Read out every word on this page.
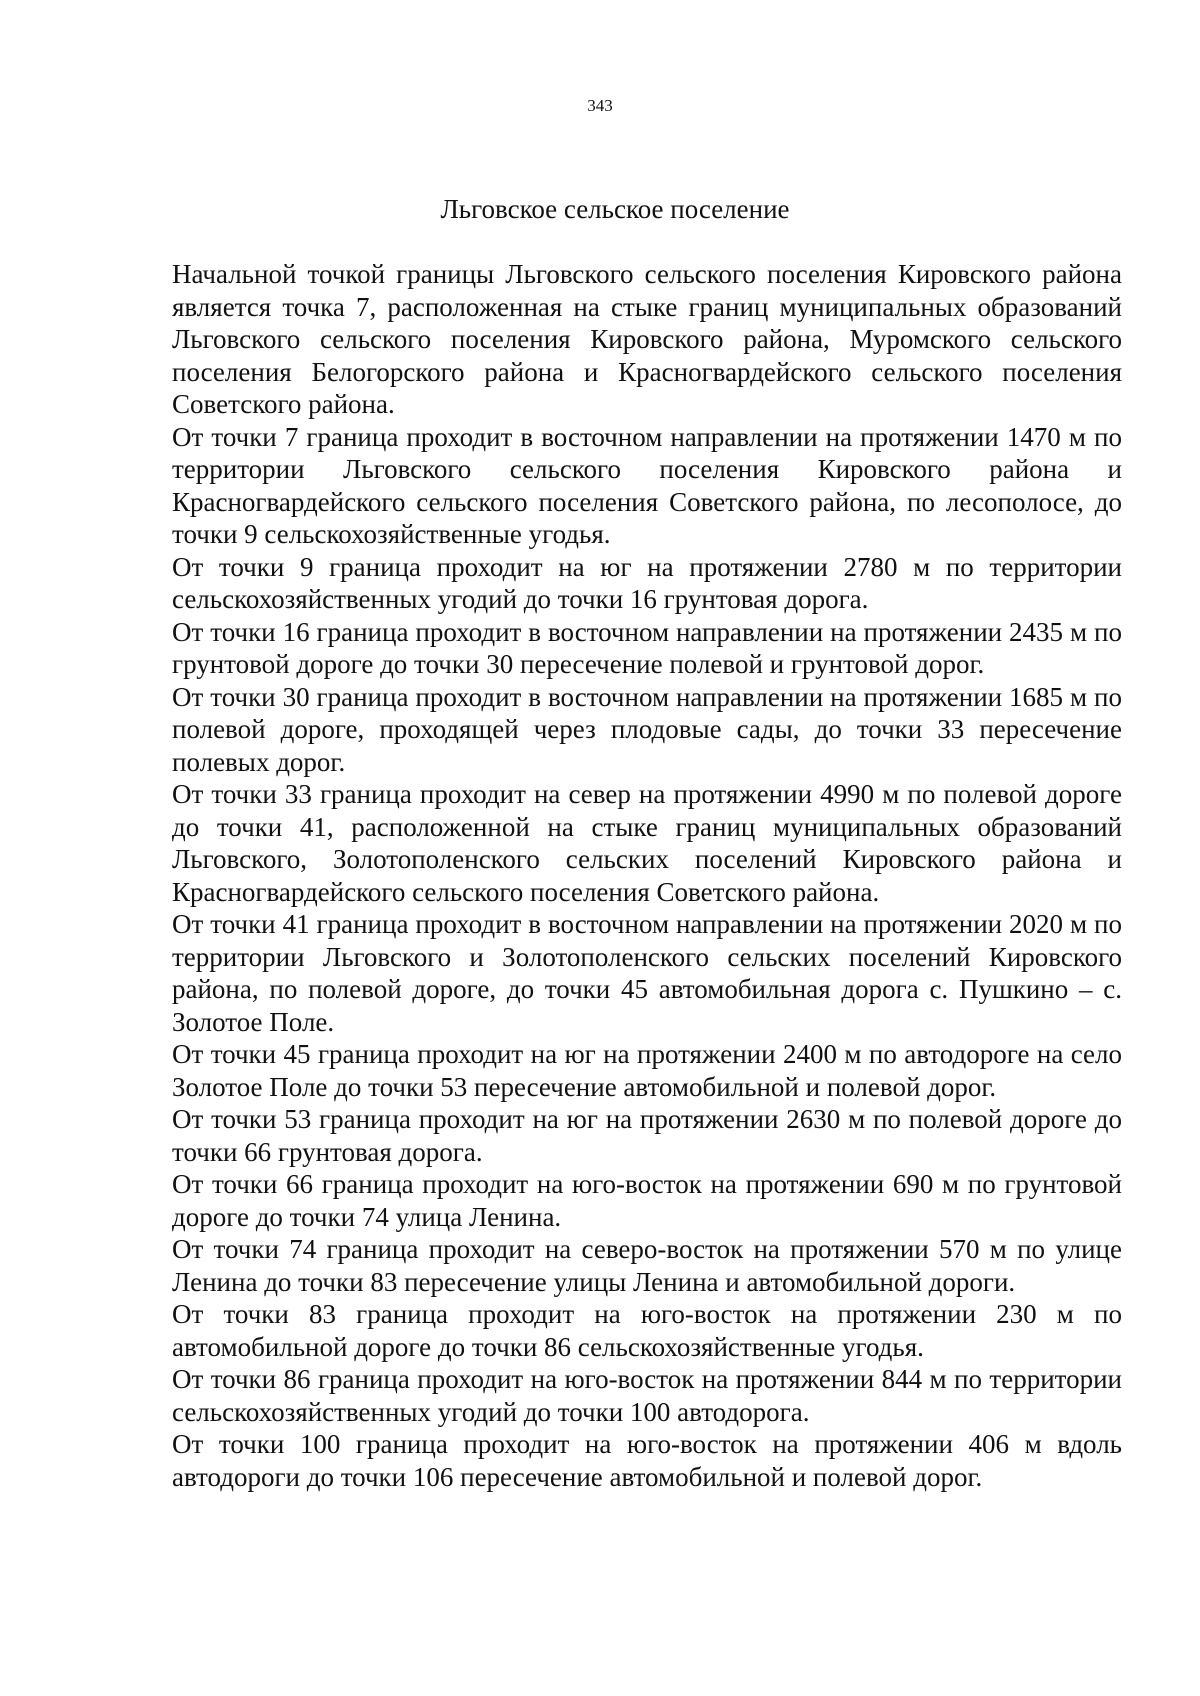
343
Льговское сельское поселение

Начальной точкой границы Льговского сельского поселения Кировского района является точка 7, расположенная на стыке границ муниципальных образований Льговского сельского поселения Кировского района, Муромского сельского поселения Белогорского района и Красногвардейского сельского поселения Советского района.

От точки 7 граница проходит в восточном направлении на протяжении 1470 м по территории Льговского сельского поселения Кировского района и Красногвардейского сельского поселения Советского района, по лесополосе, до точки 9 сельскохозяйственные угодья.

От точки 9 граница проходит на юг на протяжении 2780 м по территории сельскохозяйственных угодий до точки 16 грунтовая дорога.

От точки 16 граница проходит в восточном направлении на протяжении 2435 м по грунтовой дороге до точки 30 пересечение полевой и грунтовой дорог.

От точки 30 граница проходит в восточном направлении на протяжении 1685 м по полевой дороге, проходящей через плодовые сады, до точки 33 пересечение полевых дорог.

От точки 33 граница проходит на север на протяжении 4990 м по полевой дороге до точки 41, расположенной на стыке границ муниципальных образований Льговского, Золотополенского сельских поселений Кировского района и Красногвардейского сельского поселения Советского района.

От точки 41 граница проходит в восточном направлении на протяжении 2020 м по территории Льговского и Золотополенского сельских поселений Кировского района, по полевой дороге, до точки 45 автомобильная дорога с. Пушкино – с. Золотое Поле.

От точки 45 граница проходит на юг на протяжении 2400 м по автодороге на село Золотое Поле до точки 53 пересечение автомобильной и полевой дорог.

От точки 53 граница проходит на юг на протяжении 2630 м по полевой дороге до точки 66 грунтовая дорога.

От точки 66 граница проходит на юго-восток на протяжении 690 м по грунтовой дороге до точки 74 улица Ленина.

От точки 74 граница проходит на северо-восток на протяжении 570 м по улице Ленина до точки 83 пересечение улицы Ленина и автомобильной дороги.

От точки 83 граница проходит на юго-восток на протяжении 230 м по автомобильной дороге до точки 86 сельскохозяйственные угодья.

От точки 86 граница проходит на юго-восток на протяжении 844 м по территории сельскохозяйственных угодий до точки 100 автодорога.

От точки 100 граница проходит на юго-восток на протяжении 406 м вдоль автодороги до точки 106 пересечение автомобильной и полевой дорог.
